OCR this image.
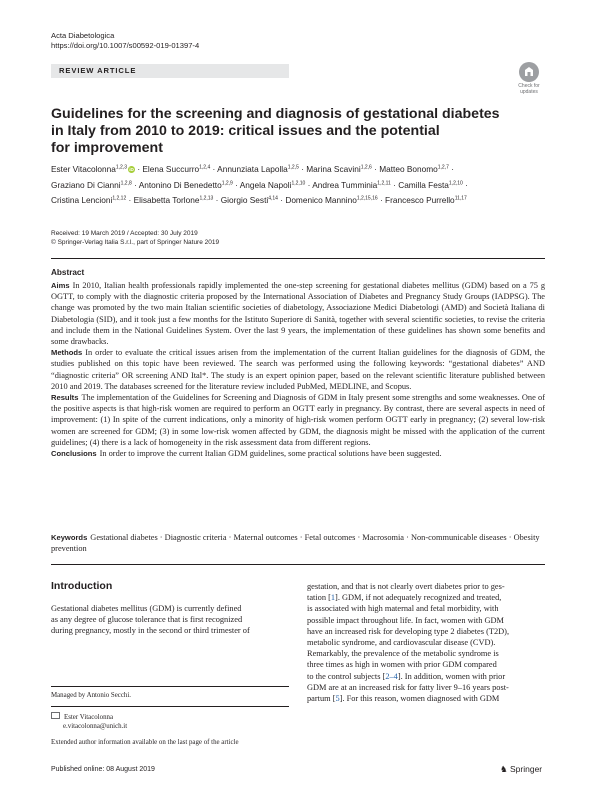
Acta Diabetologica
https://doi.org/10.1007/s00592-019-01397-4
REVIEW ARTICLE
Check for
updates
Guidelines for the screening and diagnosis of gestational diabetes
in Italy from 2010 to 2019: critical issues and the potential
for improvement
Ester Vitacolonna$^{1,2,3}$ iD · Elena Succurro$^{1,2,4}$ · Annunziata Lapolla$^{1,2,5}$ · Marina Scavini$^{1,2,6}$ · Matteo Bonomo$^{1,2,7}$ ·
Graziano Di Cianni$^{1,2,8}$ · Antonino Di Benedetto$^{1,2,9}$ · Angela Napoli$^{1,2,10}$ · Andrea Tumminia$^{1,2,11}$ · Camilla Festa$^{1,2,10}$ ·
Cristina Lencioni$^{1,2,12}$ · Elisabetta Torlone$^{1,2,13}$ · Giorgio Sesti$^{4,14}$ · Domenico Mannino$^{1,2,15,16}$ · Francesco Purrello$^{11,17}$
Received: 19 March 2019 / Accepted: 30 July 2019
© Springer-Verlag Italia S.r.l., part of Springer Nature 2019
Abstract

Aims In 2010, Italian health professionals rapidly implemented the one-step screening for gestational diabetes mellitus (GDM) based on a 75 g OGTT, to comply with the diagnostic criteria proposed by the International Association of Diabetes and Pregnancy Study Groups (IADPSG). The change was promoted by the two main Italian scientific societies of diabetology, Associazione Medici Diabetologi (AMD) and Società Italiana di Diabetologia (SID), and it took just a few months for the Istituto Superiore di Sanità, together with several scientific societies, to revise the criteria and include them in the National Guidelines System. Over the last 9 years, the implementation of these guidelines has shown some benefits and some drawbacks.

Methods In order to evaluate the critical issues arisen from the implementation of the current Italian guidelines for the diagnosis of GDM, the studies published on this topic have been reviewed. The search was performed using the following keywords: “gestational diabetes” AND “diagnostic criteria” OR screening AND Ital*. The study is an expert opinion paper, based on the relevant scientific literature published between 2010 and 2019. The databases screened for the literature review included PubMed, MEDLINE, and Scopus.

Results The implementation of the Guidelines for Screening and Diagnosis of GDM in Italy present some strengths and some weaknesses. One of the positive aspects is that high-risk women are required to perform an OGTT early in pregnancy. By contrast, there are several aspects in need of improvement: (1) In spite of the current indications, only a minority of high-risk women perform OGTT early in pregnancy; (2) several low-risk women are screened for GDM; (3) in some low-risk women affected by GDM, the diagnosis might be missed with the application of the current guidelines; (4) there is a lack of homogeneity in the risk assessment data from different regions.

Conclusions In order to improve the current Italian GDM guidelines, some practical solutions have been suggested.

Keywords Gestational diabetes · Diagnostic criteria · Maternal outcomes · Fetal outcomes · Macrosomia · Non-communicable diseases · Obesity prevention
Introduction
Gestational diabetes mellitus (GDM) is currently defined
as any degree of glucose tolerance that is first recognized
during pregnancy, mostly in the second or third trimester of
gestation, and that is not clearly overt diabetes prior to ges-
tation [1]. GDM, if not adequately recognized and treated,
is associated with high maternal and fetal morbidity, with
possible impact throughout life. In fact, women with GDM
have an increased risk for developing type 2 diabetes (T2D),
metabolic syndrome, and cardiovascular disease (CVD).
Remarkably, the prevalence of the metabolic syndrome is
three times as high in women with prior GDM compared
to the control subjects [2–4]. In addition, women with prior
GDM are at an increased risk for fatty liver 9–16 years post-
partum [5]. For this reason, women diagnosed with GDM
Managed by Antonio Secchi.
Ester Vitacolonna
e.vitacolonna@unich.it
Extended author information available on the last page of the article
Published online: 08 August 2019	♞ Springer
